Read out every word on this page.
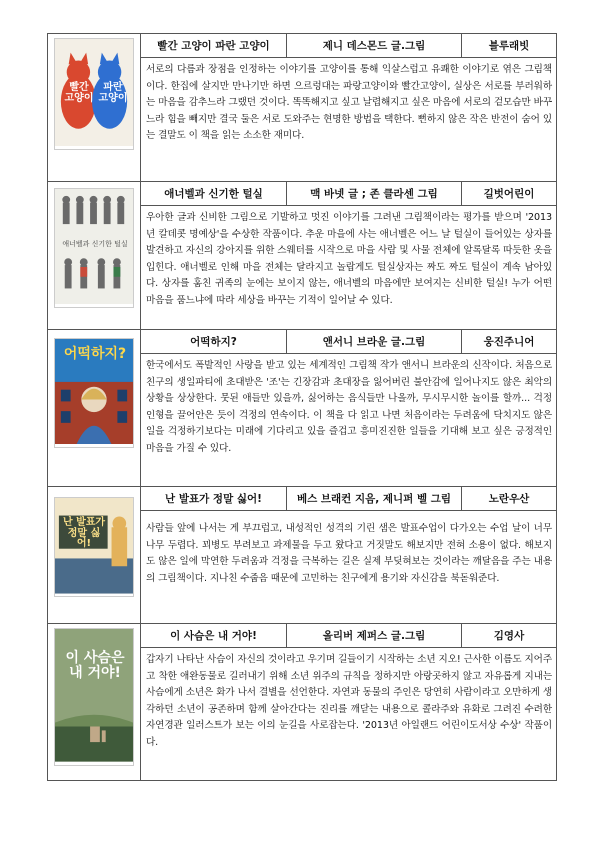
빨간
고양이
파란
고양이	빨간 고양이 파란 고양이	제니 데스몬드 글.그림	블루래빗
	서로의 다름과 장점을 인정하는 이야기를 고양이를 통해 익살스럽고 유쾌한 이야기로 엮은 그림책이다. 한집에 살지만 만나기만 하면 으르렁대는 파랑고양이와 빨간고양이, 실상은 서로를 부러워하는 마음을 감추느라 그랬던 것이다. 똑똑해지고 싶고 날렵해지고 싶은 마음에 서로의 겉모습만 바꾸느라 힘을 빼지만 결국 둘은 서로 도와주는 현명한 방법을 택한다. 뻔하지 않은 작은 반전이 숨어 있는 결말도 이 책을 읽는 소소한 재미다.		

애너벨과 신기한 털실	애너벨과 신기한 털실	맥 바넷 글 ; 존 클라센 그림	길벗어린이
	우아한 글과 신비한 그림으로 기발하고 멋진 이야기를 그려낸 그림책이라는 평가를 받으며 '2013년 칼데콧 명예상'을 수상한 작품이다. 추운 마을에 사는 애너벨은 어느 날 털실이 들어있는 상자를 발견하고 자신의 강아지를 위한 스웨터를 시작으로 마을 사람 및 사물 전체에 알록달록 따듯한 옷을 입힌다. 애너벨로 인해 마을 전체는 달라지고 놀랍게도 털실상자는 짜도 짜도 털실이 계속 남아있다. 상자를 훔친 귀족의 눈에는 보이지 않는, 애너벨의 마음에만 보여지는 신비한 털실! 누가 어떤 마음을 품느냐에 따라 세상을 바꾸는 기적이 일어날 수 있다.		

어떡하지?	어떡하지?	앤서니 브라운 글.그림	웅진주니어
	한국에서도 폭발적인 사랑을 받고 있는 세계적인 그림책 작가 앤서니 브라운의 신작이다. 처음으로 친구의 생일파티에 초대받은 '조'는 긴장감과 초대장을 잃어버린 불안감에 일어나지도 않은 최악의 상황을 상상한다. 뭇된 애들만 있을까, 싫어하는 음식들만 나올까, 무시무시한 놀이를 할까... 걱정인형을 끌어안은 듯이 걱정의 연속이다. 이 책을 다 읽고 나면 처음이라는 두려움에 닥치지도 않은 일을 걱정하기보다는 미래에 기다리고 있을 즐겁고 흥미진진한 일들을 기대해 보고 싶은 긍정적인 마음을 가질 수 있다.		

난 발표가
정말 싫어!	난 발표가 정말 싫어!	베스 브래컨 지음, 제니퍼 벨 그림	노란우산
	사람들 앞에 나서는 게 부끄럽고, 내성적인 성격의 기린 샘은 발표수업이 다가오는 수업 날이 너무나무 두렵다. 꾀병도 부려보고 과제물을 두고 왔다고 거짓말도 해보지만 전혀 소용이 없다. 해보지도 않은 일에 막연한 두려움과 걱정을 극복하는 길은 실제 부딪혀보는 것이라는 깨달음을 주는 내용의 그림책이다. 지나친 수줍음 때문에 고민하는 친구에게 용기와 자신감을 북돋워준다.		

이 사슴은
내 거야!	이 사슴은 내 거야!	올리버 제퍼스 글.그림	김영사
	갑자기 나타난 사슴이 자신의 것이라고 우기며 길들이기 시작하는 소년 지오! 근사한 이름도 지어주고 착한 애완동물로 길러내기 위해 소년 위주의 규칙을 정하지만 아랑곳하지 않고 자유롭게 지내는 사슴에게 소년은 화가 나서 결별을 선언한다. 자연과 동물의 주인은 당연히 사람이라고 오만하게 생각하던 소년이 공존하며 함께 살아간다는 진리를 깨닫는 내용으로 콜라주와 유화로 그려진 수려한 자연경관 일러스트가 보는 이의 눈길을 사로잡는다. '2013년 아일랜드 어린이도서상 수상' 작품이다.		
